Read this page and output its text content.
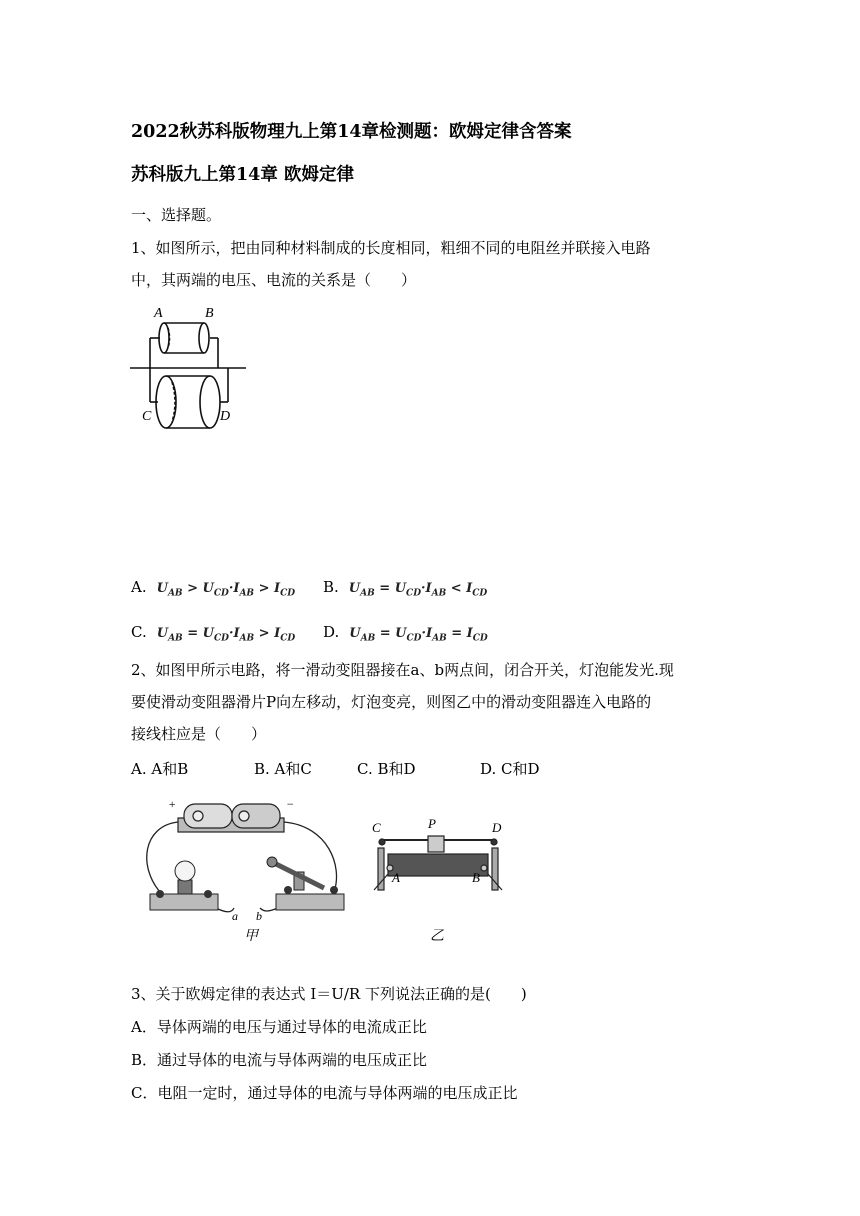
2022秋苏科版物理九上第14章检测题：欧姆定律含答案
苏科版九上第14章 欧姆定律
一、选择题。
1、如图所示，把由同种材料制成的长度相同，粗细不同的电阻丝并联接入电路
中，其两端的电压、电流的关系是（　　）
A	B
C	D
A. $U_{AB} > U_{CD}\cdot I_{AB} > I_{CD}$ B. $U_{AB} = U_{CD}\cdot I_{AB} < I_{CD}$
C. $U_{AB} = U_{CD}\cdot I_{AB} > I_{CD}$ D. $U_{AB} = U_{CD}\cdot I_{AB} = I_{CD}$
2、如图甲所示电路，将一滑动变阻器接在a、b两点间，闭合开关，灯泡能发光.现
要使滑动变阻器滑片P向左移动，灯泡变亮，则图乙中的滑动变阻器连入电路的
接线柱应是（　　）
A. A和B	B. A和C	C. B和D	D. C和D
+	−
a b
甲
C	P	D
A	B
乙
3、关于欧姆定律的表达式 I＝U/R 下列说法正确的是(　　)
A．导体两端的电压与通过导体的电流成正比
B．通过导体的电流与导体两端的电压成正比
C．电阻一定时，通过导体的电流与导体两端的电压成正比
